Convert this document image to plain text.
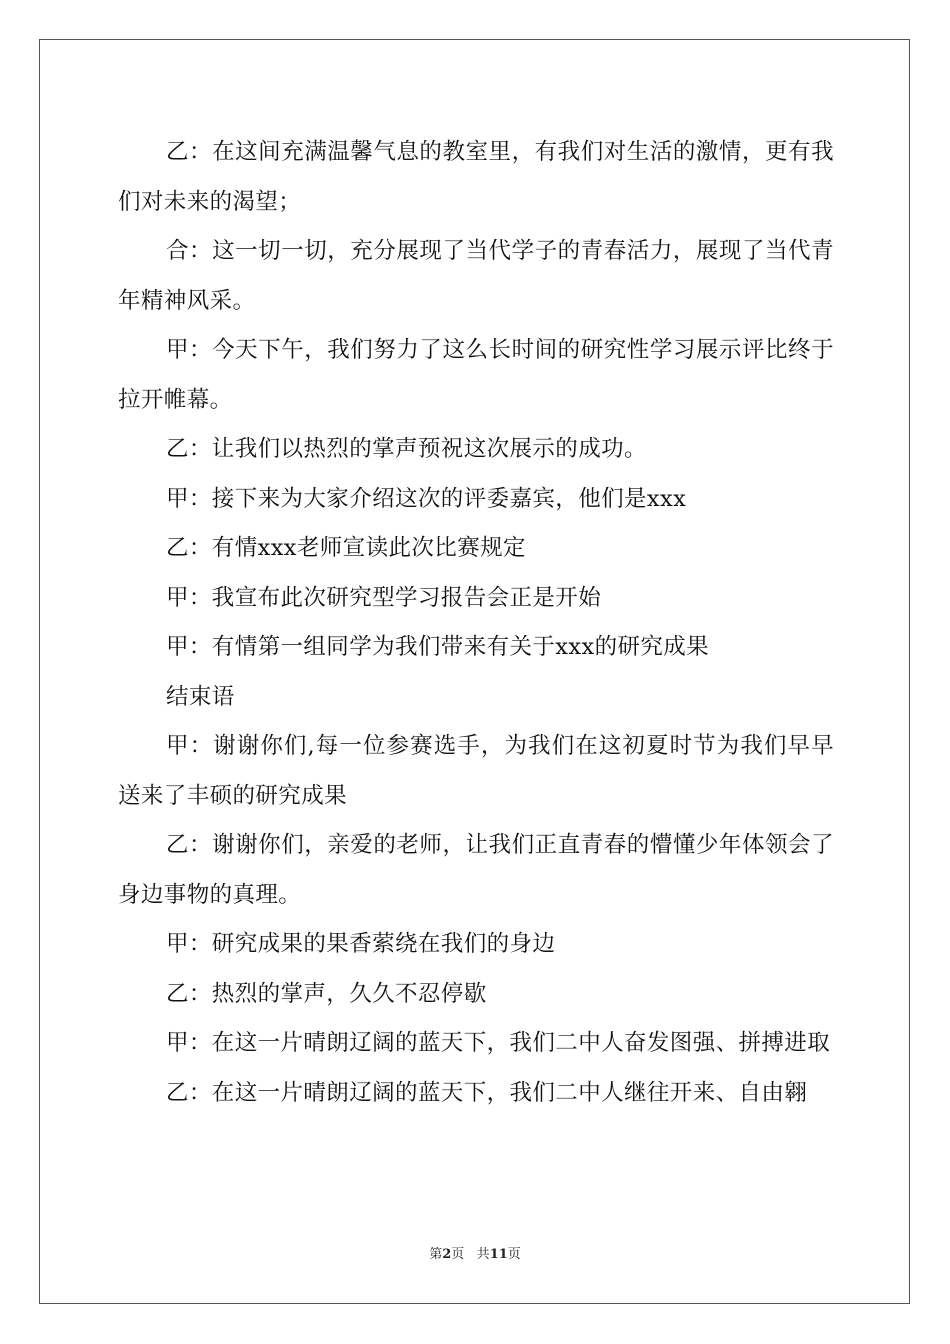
乙：在这间充满温馨气息的教室里，有我们对生活的激情，更有我们对未来的渴望；

合：这一切一切，充分展现了当代学子的青春活力，展现了当代青年精神风采。

甲：今天下午，我们努力了这么长时间的研究性学习展示评比终于拉开帷幕。

乙：让我们以热烈的掌声预祝这次展示的成功。

甲：接下来为大家介绍这次的评委嘉宾，他们是xxx

乙：有情xxx老师宣读此次比赛规定

甲：我宣布此次研究型学习报告会正是开始

甲：有情第一组同学为我们带来有关于xxx的研究成果

结束语

甲：谢谢你们,每一位参赛选手，为我们在这初夏时节为我们早早送来了丰硕的研究成果

乙：谢谢你们，亲爱的老师，让我们正直青春的懵懂少年体领会了身边事物的真理。

甲：研究成果的果香萦绕在我们的身边

乙：热烈的掌声，久久不忍停歇

甲：在这一片晴朗辽阔的蓝天下，我们二中人奋发图强、拼搏进取

乙：在这一片晴朗辽阔的蓝天下，我们二中人继往开来、自由翱

第2页 共11页
